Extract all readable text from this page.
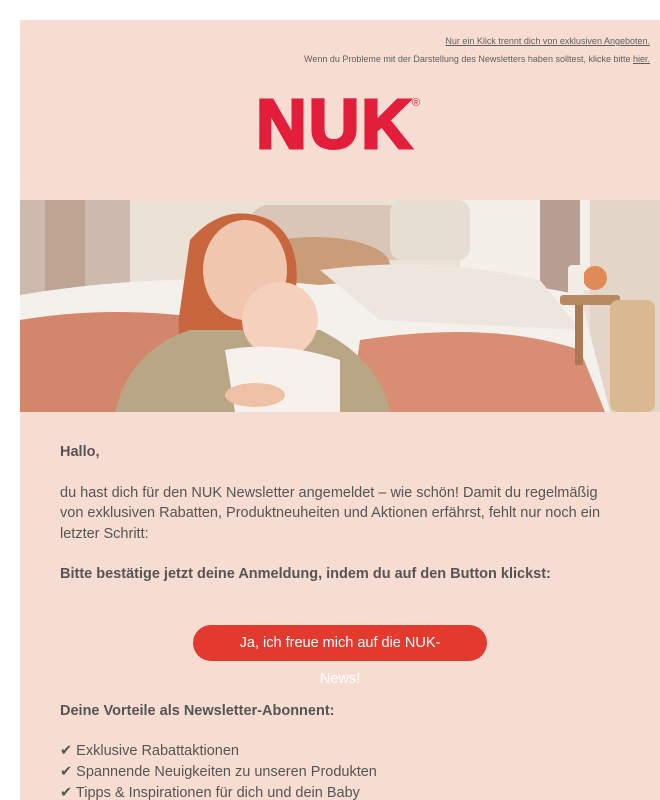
Nur ein Klick trennt dich von exklusiven Angeboten.
Wenn du Probleme mit der Darstellung des Newsletters haben solltest, klicke bitte hier.
NUK
®

Hallo,

du hast dich für den NUK Newsletter angemeldet – wie schön! Damit du regelmäßig von exklusiven Rabatten, Produktneuheiten und Aktionen erfährst, fehlt nur noch ein letzter Schritt:

Bitte bestätige jetzt deine Anmeldung, indem du auf den Button klickst:

Ja, ich freue mich auf die NUK-News!

Deine Vorteile als Newsletter-Abonnent:

✔ Exklusive Rabattaktionen
✔ Spannende Neuigkeiten zu unseren Produkten
✔ Tipps & Inspirationen für dich und dein Baby
